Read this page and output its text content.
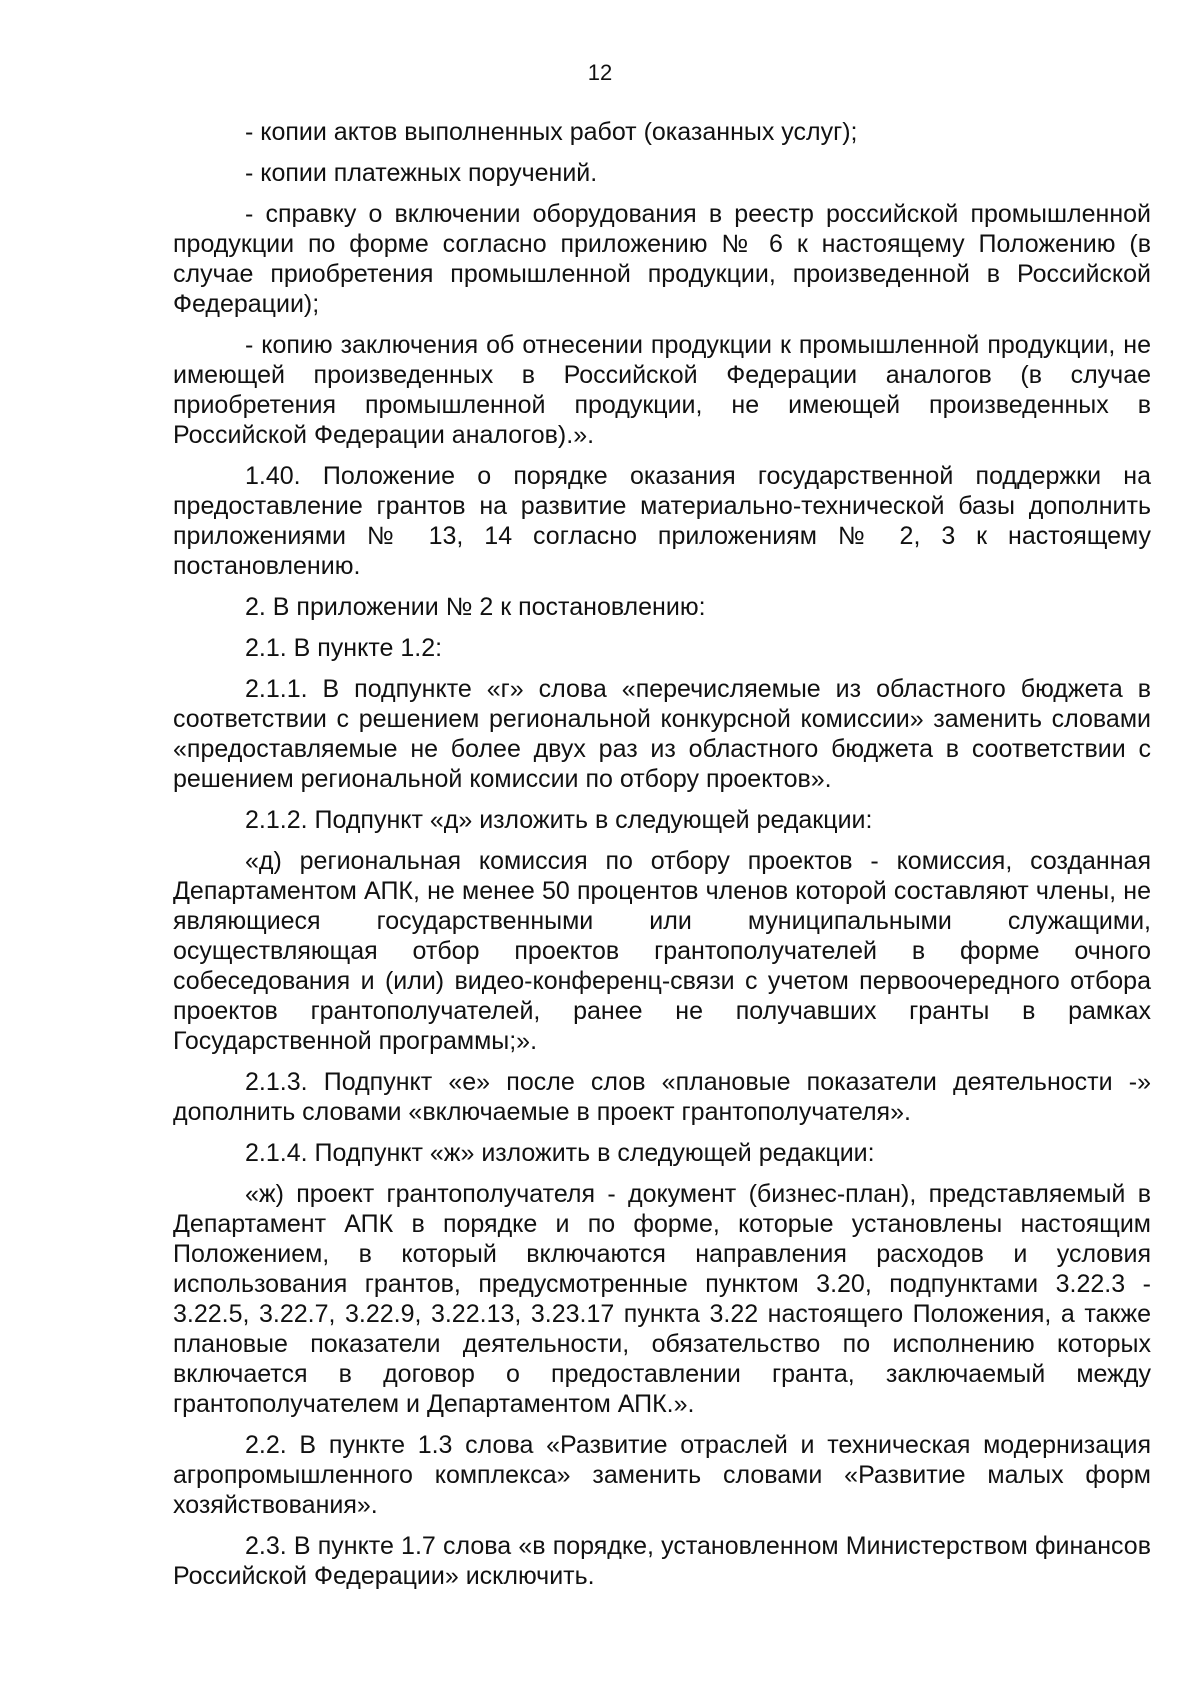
12

- копии актов выполненных работ (оказанных услуг);

- копии платежных поручений.

- справку о включении оборудования в реестр российской промышленной продукции по форме согласно приложению № 6 к настоящему Положению (в случае приобретения промышленной продукции, произведенной в Российской Федерации);

- копию заключения об отнесении продукции к промышленной продукции, не имеющей произведенных в Российской Федерации аналогов (в случае приобретения промышленной продукции, не имеющей произведенных в Российской Федерации аналогов).».

1.40. Положение о порядке оказания государственной поддержки на предоставление грантов на развитие материально-технической базы дополнить приложениями № 13, 14 согласно приложениям № 2, 3 к настоящему постановлению.

2. В приложении № 2 к постановлению:

2.1. В пункте 1.2:

2.1.1. В подпункте «г» слова «перечисляемые из областного бюджета в соответствии с решением региональной конкурсной комиссии» заменить словами «предоставляемые не более двух раз из областного бюджета в соответствии с решением региональной комиссии по отбору проектов».

2.1.2. Подпункт «д» изложить в следующей редакции:

«д) региональная комиссия по отбору проектов - комиссия, созданная Департаментом АПК, не менее 50 процентов членов которой составляют члены, не являющиеся государственными или муниципальными служащими, осуществляющая отбор проектов грантополучателей в форме очного собеседования и (или) видео-конференц-связи с учетом первоочередного отбора проектов грантополучателей, ранее не получавших гранты в рамках Государственной программы;».

2.1.3. Подпункт «е» после слов «плановые показатели деятельности -» дополнить словами «включаемые в проект грантополучателя».

2.1.4. Подпункт «ж» изложить в следующей редакции:

«ж) проект грантополучателя - документ (бизнес-план), представляемый в Департамент АПК в порядке и по форме, которые установлены настоящим Положением, в который включаются направления расходов и условия использования грантов, предусмотренные пунктом 3.20, подпунктами 3.22.3 - 3.22.5, 3.22.7, 3.22.9, 3.22.13, 3.23.17 пункта 3.22 настоящего Положения, а также плановые показатели деятельности, обязательство по исполнению которых включается в договор о предоставлении гранта, заключаемый между грантополучателем и Департаментом АПК.».

2.2. В пункте 1.3 слова «Развитие отраслей и техническая модернизация агропромышленного комплекса» заменить словами «Развитие малых форм хозяйствования».

2.3. В пункте 1.7 слова «в порядке, установленном Министерством финансов Российской Федерации» исключить.
